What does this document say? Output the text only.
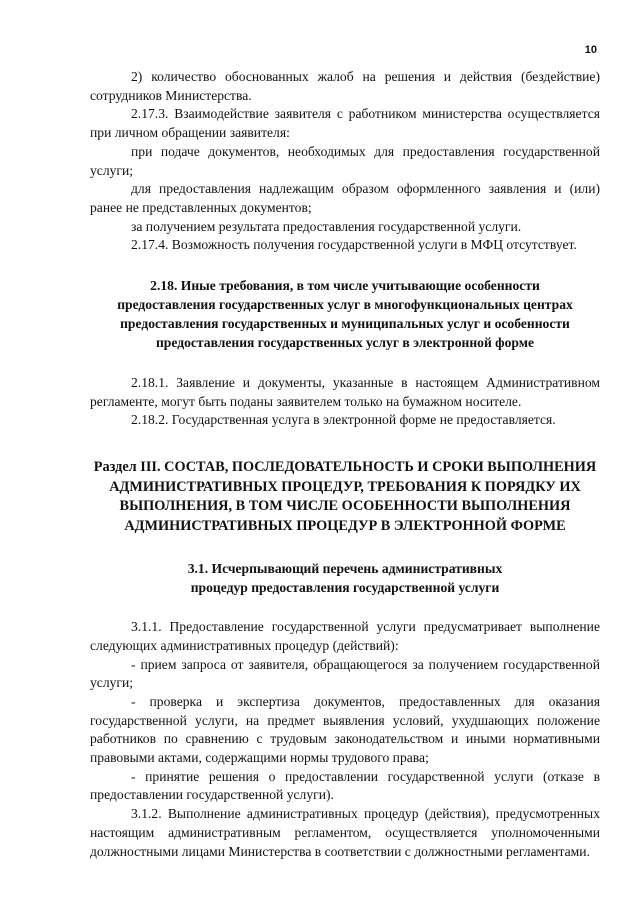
10

2) количество обоснованных жалоб на решения и действия (бездействие) сотрудников Министерства.

2.17.3. Взаимодействие заявителя с работником министерства осуществляется при личном обращении заявителя:

при подаче документов, необходимых для предоставления государственной услуги;

для предоставления надлежащим образом оформленного заявления и (или) ранее не представленных документов;

за получением результата предоставления государственной услуги.

2.17.4. Возможность получения государственной услуги в МФЦ отсутствует.

2.18. Иные требования, в том числе учитывающие особенности

предоставления государственных услуг в многофункциональных центрах

предоставления государственных и муниципальных услуг и особенности

предоставления государственных услуг в электронной форме

2.18.1. Заявление и документы, указанные в настоящем Административном регламенте, могут быть поданы заявителем только на бумажном носителе.

2.18.2. Государственная услуга в электронной форме не предоставляется.

Раздел III. СОСТАВ, ПОСЛЕДОВАТЕЛЬНОСТЬ И СРОКИ ВЫПОЛНЕНИЯ

АДМИНИСТРАТИВНЫХ ПРОЦЕДУР, ТРЕБОВАНИЯ К ПОРЯДКУ ИХ

ВЫПОЛНЕНИЯ, В ТОМ ЧИСЛЕ ОСОБЕННОСТИ ВЫПОЛНЕНИЯ

АДМИНИСТРАТИВНЫХ ПРОЦЕДУР В ЭЛЕКТРОННОЙ ФОРМЕ

3.1. Исчерпывающий перечень административных

процедур предоставления государственной услуги

3.1.1. Предоставление государственной услуги предусматривает выполнение следующих административных процедур (действий):

- прием запроса от заявителя, обращающегося за получением государственной услуги;

- проверка и экспертиза документов, предоставленных для оказания государственной услуги, на предмет выявления условий, ухудшающих положение работников по сравнению с трудовым законодательством и иными нормативными правовыми актами, содержащими нормы трудового права;

- принятие решения о предоставлении государственной услуги (отказе в предоставлении государственной услуги).

3.1.2. Выполнение административных процедур (действия), предусмотренных настоящим административным регламентом, осуществляется уполномоченными должностными лицами Министерства в соответствии с должностными регламентами.
